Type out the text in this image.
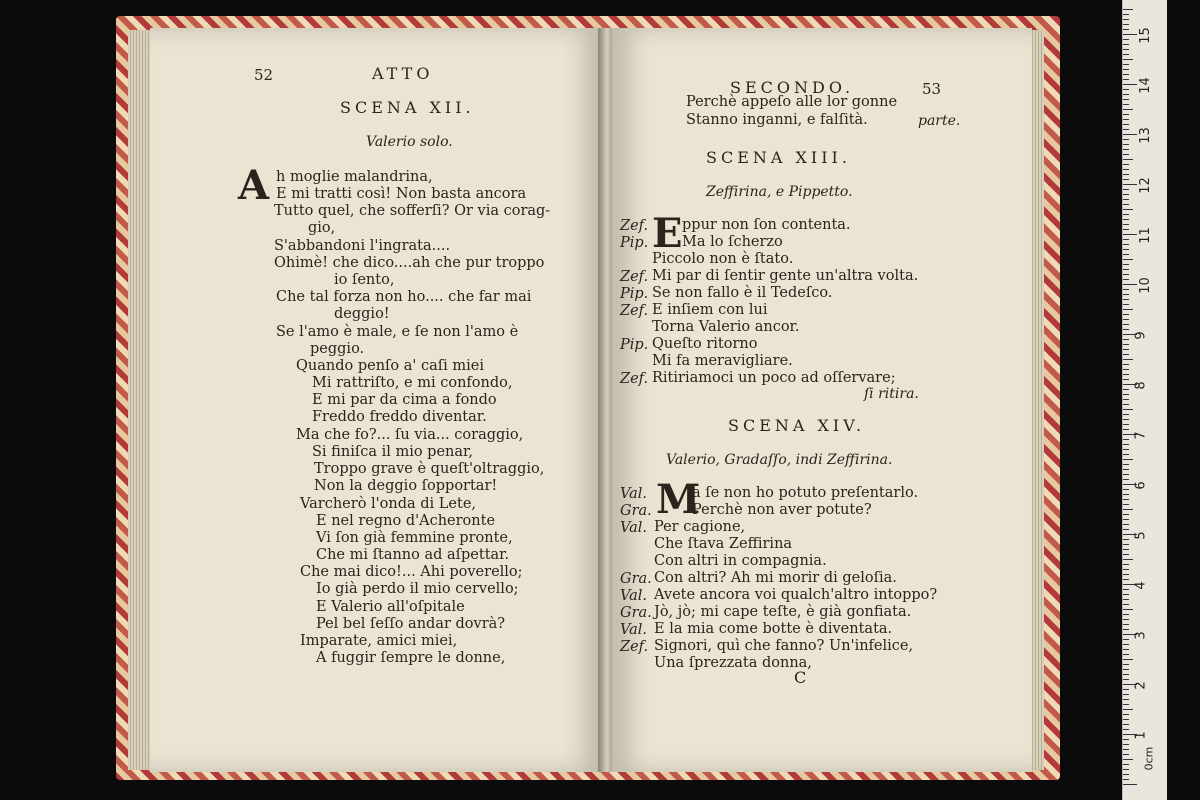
52	ATTO
SCENA XII.
Valerio solo.
A h moglie malandrina,
E mi tratti così! Non basta ancora
Tutto quel, che sofferſi? Or via corag-
gio,
S'abbandoni l'ingrata....
Ohimè! che dico....ah che pur troppo
io ſento,
Che tal forza non ho.... che far mai
deggio!
Se l'amo è male, e ſe non l'amo è
peggio.
Quando penſo a' caſi miei
Mi rattriſto, e mi confondo,
E mi par da cima a fondo
Freddo freddo diventar.
Ma che fo?... ſu via... coraggio,
Si finiſca il mio penar,
Troppo grave è queſt'oltraggio,
Non la deggio ſopportar!
Varcherò l'onda di Lete,
E nel regno d'Acheronte
Vi ſon già femmine pronte,
Che mi ſtanno ad aſpettar.
Che mai dico!... Ahi poverello;
Io già perdo il mio cervello;
E Valerio all'oſpitale
Pel bel ſeſſo andar dovrà?
Imparate, amici miei,
A fuggir ſempre le donne,
SECONDO.	53
Perchè appeſo alle lor gonne
Stanno inganni, e falſità.	parte.
SCENA XIII.
Zeffirina, e Pippetto.
E
Zef. ppur non ſon contenta.
Pip. Ma lo ſcherzo
Piccolo non è ſtato.
Zef. Mi par di ſentir gente un'altra volta.
Pip. Se non fallo è il Tedeſco.
Zef. E inſiem con lui
Torna Valerio ancor.
Pip. Queſto ritorno
Mi fa meravigliare.
Zef. Ritiriamoci un poco ad oſſervare;
ſi ritira.
SCENA XIV.
Valerio, Gradaſſo, indi Zeffirina.
M
Val.	a ſe non ho potuto preſentarlo.
Gra.	Perchè non aver potute?
Val. Per cagione,
Che ſtava Zeffirina
Con altri in compagnia.
Gra. Con altri? Ah mi morir di geloſia.
Val. Avete ancora voi qualch'altro intoppo?
Gra. Jò, jò; mi cape teſte, è già gonfiata.
Val. E la mia come botte è diventata.
Zef. Signori, quì che fanno? Un'infelice,
Una ſprezzata donna,
C
0cm
1
2
3
4
5
6
7
8
9
10
11
12
13
14
15
